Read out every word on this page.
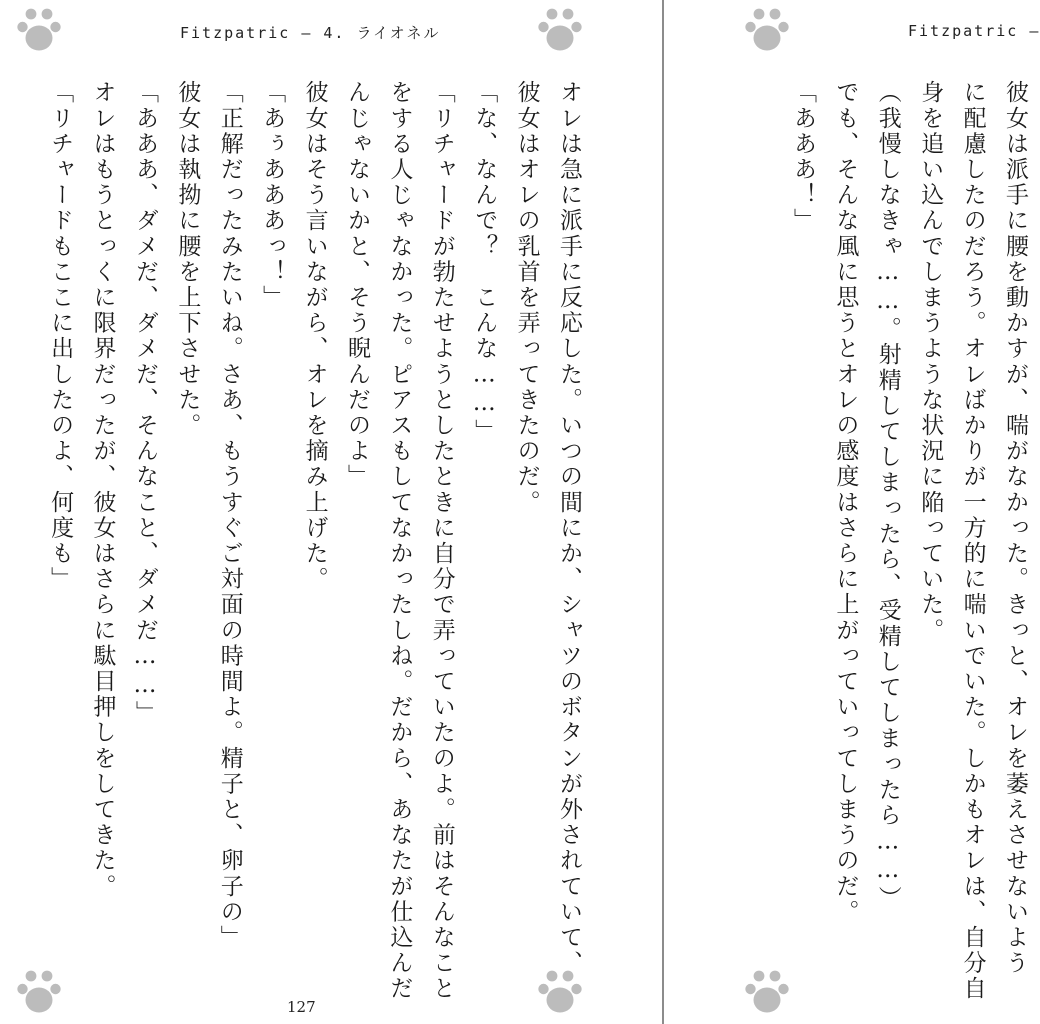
Fitzpatric – 4. ライオネル
オレは急に派手に反応した。いつの間にか、シャツのボタンが外されていて、
彼女はオレの乳首を弄ってきたのだ。
「な、なんで？　こんな……」
「リチャードが勃たせようとしたときに自分で弄っていたのよ。前はそんなこと
をする人じゃなかった。ピアスもしてなかったしね。だから、あなたが仕込んだ
んじゃないかと、そう睨んだのよ」
彼女はそう言いながら、オレを摘み上げた。
「あぅあああっ！」
「正解だったみたいね。さあ、もうすぐご対面の時間よ。精子と、卵子の」
彼女は執拗に腰を上下させた。
「あああ、ダメだ、ダメだ、そんなこと、ダメだ……」
オレはもうとっくに限界だったが、彼女はさらに駄目押しをしてきた。
「リチャードもここに出したのよ、何度も」
127
Fitzpatric –
彼女は派手に腰を動かすが、喘がなかった。きっと、オレを萎えさせないよう
に配慮したのだろう。オレばかりが一方的に喘いでいた。しかもオレは、自分自
身を追い込んでしまうような状況に陥っていた。
（我慢しなきゃ……。射精してしまったら、受精してしまったら……）
でも、そんな風に思うとオレの感度はさらに上がっていってしまうのだ。
「あああ！」
